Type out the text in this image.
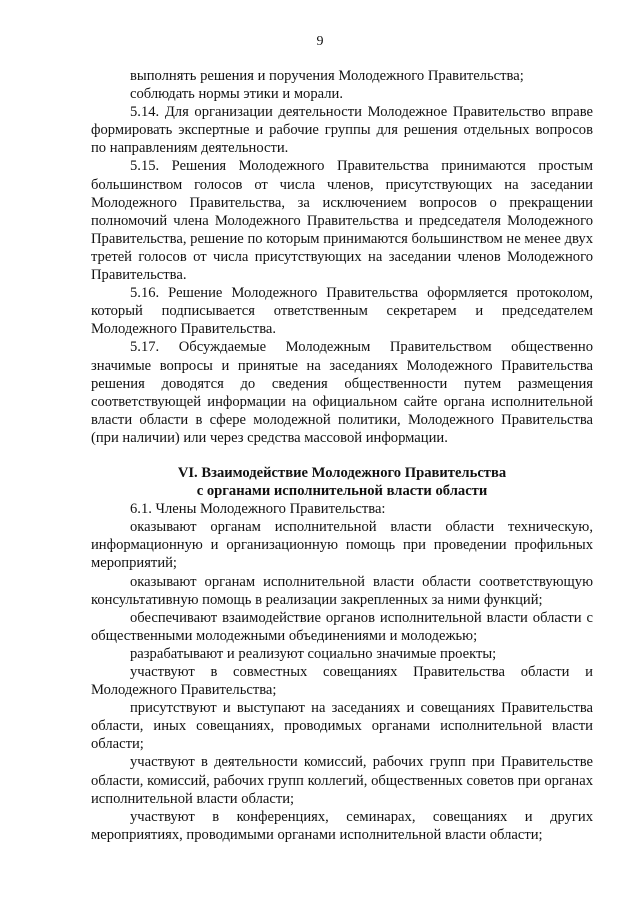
9

выполнять решения и поручения Молодежного Правительства;

соблюдать нормы этики и морали.

5.14. Для организации деятельности Молодежное Правительство вправе формировать экспертные и рабочие группы для решения отдельных вопросов по направлениям деятельности.

5.15. Решения Молодежного Правительства принимаются простым большинством голосов от числа членов, присутствующих на заседании Молодежного Правительства, за исключением вопросов о прекращении полномочий члена Молодежного Правительства и председателя Молодежного Правительства, решение по которым принимаются большинством не менее двух третей голосов от числа присутствующих на заседании членов Молодежного Правительства.

5.16. Решение Молодежного Правительства оформляется протоколом, который подписывается ответственным секретарем и председателем Молодежного Правительства.

5.17. Обсуждаемые Молодежным Правительством общественно значимые вопросы и принятые на заседаниях Молодежного Правительства решения доводятся до сведения общественности путем размещения соответствующей информации на официальном сайте органа исполнительной власти области в сфере молодежной политики, Молодежного Правительства (при наличии) или через средства массовой информации.

VI. Взаимодействие Молодежного Правительства
с органами исполнительной власти области

6.1. Члены Молодежного Правительства:

оказывают органам исполнительной власти области техническую, информационную и организационную помощь при проведении профильных мероприятий;

оказывают органам исполнительной власти области соответствующую консультативную помощь в реализации закрепленных за ними функций;

обеспечивают взаимодействие органов исполнительной власти области с общественными молодежными объединениями и молодежью;

разрабатывают и реализуют социально значимые проекты;

участвуют в совместных совещаниях Правительства области и Молодежного Правительства;

присутствуют и выступают на заседаниях и совещаниях Правительства области, иных совещаниях, проводимых органами исполнительной власти области;

участвуют в деятельности комиссий, рабочих групп при Правительстве области, комиссий, рабочих групп коллегий, общественных советов при органах исполнительной власти области;

участвуют в конференциях, семинарах, совещаниях и других мероприятиях, проводимыми органами исполнительной власти области;
